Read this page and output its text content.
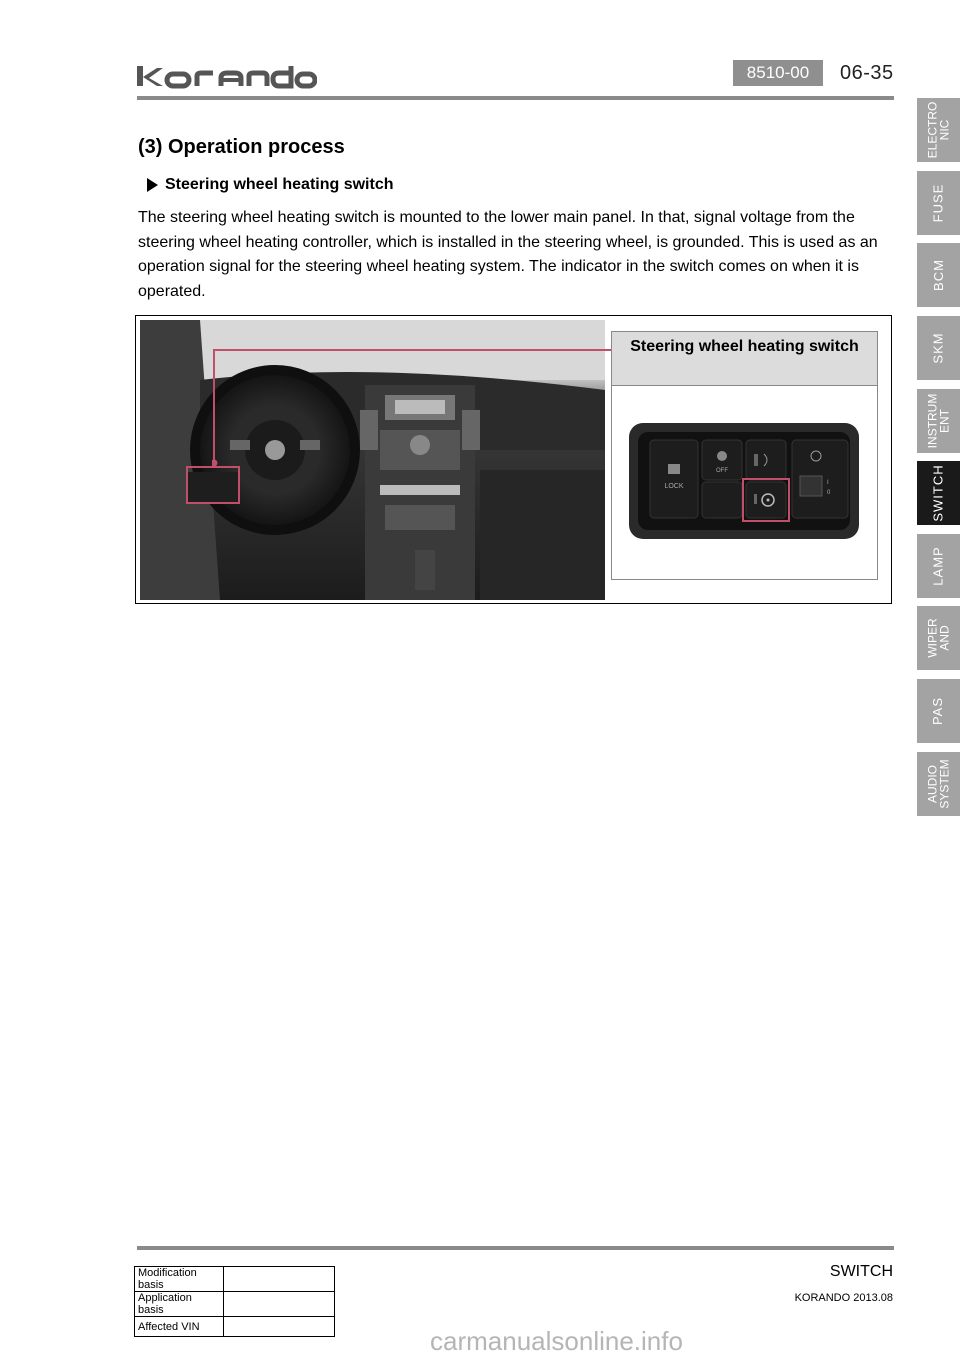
8510-00	06-35
ELECTRO
NIC
FUSE
BCM
SKM
INSTRUM
ENT
SWITCH
LAMP
WIPER
AND
PAS
AUDIO
SYSTEM
(3) Operation process
Steering wheel heating switch
The steering wheel heating switch is mounted to the lower main panel. In that, signal voltage from the steering wheel heating controller, which is installed in the steering wheel, is grounded. This is used as an operation signal for the steering wheel heating system. The indicator in the switch comes on when it is operated.
Steering wheel heating switch
LOCK
OFF
I
0
SWITCH
KORANDO 2013.08
Modification basis	
Application basis	
Affected VIN		carmanualsonline.info
